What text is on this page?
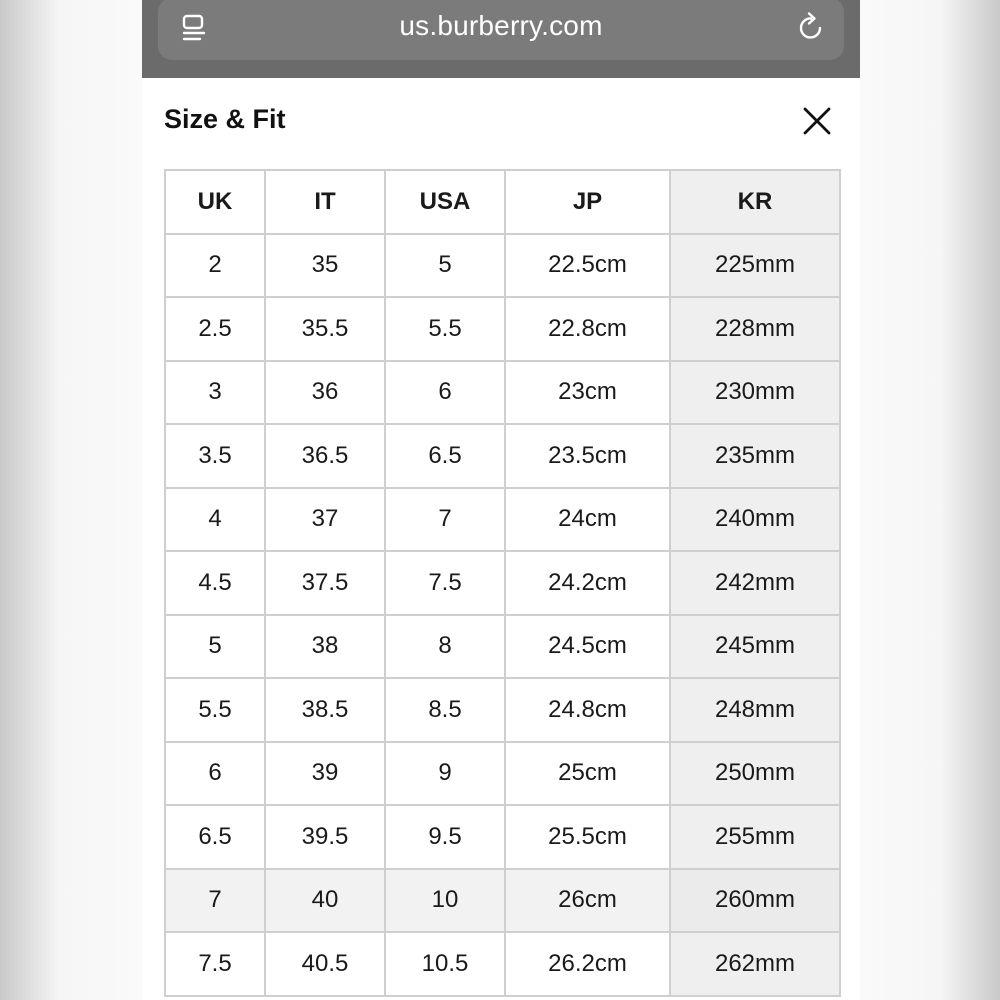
us.burberry.com
Size & Fit
UK	IT	USA	JP	KR
2	35	5	22.5cm	225mm
2.5	35.5	5.5	22.8cm	228mm
3	36	6	23cm	230mm
3.5	36.5	6.5	23.5cm	235mm
4	37	7	24cm	240mm
4.5	37.5	7.5	24.2cm	242mm
5	38	8	24.5cm	245mm
5.5	38.5	8.5	24.8cm	248mm
6	39	9	25cm	250mm
6.5	39.5	9.5	25.5cm	255mm
7	40	10	26cm	260mm
7.5	40.5	10.5	26.2cm	262mm
